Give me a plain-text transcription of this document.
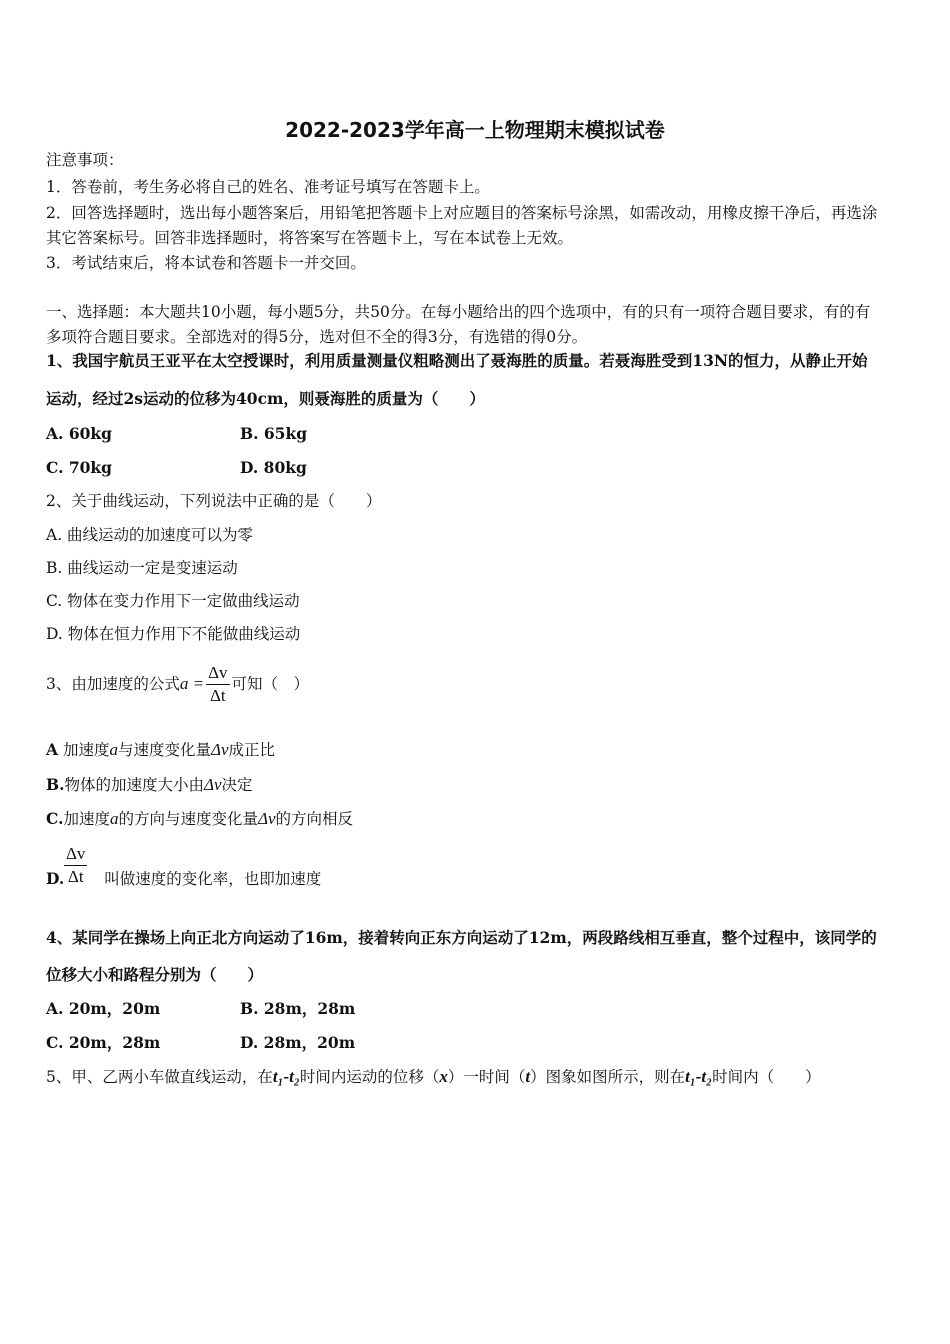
2022-2023学年高一上物理期末模拟试卷
注意事项：
1．答卷前，考生务必将自己的姓名、准考证号填写在答题卡上。
2．回答选择题时，选出每小题答案后，用铅笔把答题卡上对应题目的答案标号涂黑，如需改动，用橡皮擦干净后，再选涂
其它答案标号。回答非选择题时，将答案写在答题卡上，写在本试卷上无效。
3．考试结束后，将本试卷和答题卡一并交回。
一、选择题：本大题共10小题，每小题5分，共50分。在每小题给出的四个选项中，有的只有一项符合题目要求，有的有
多项符合题目要求。全部选对的得5分，选对但不全的得3分，有选错的得0分。
1、我国宇航员王亚平在太空授课时，利用质量测量仪粗略测出了聂海胜的质量。若聂海胜受到13N的恒力，从静止开始
运动，经过2s运动的位移为40cm，则聂海胜的质量为（　　）
A. 60kg	B. 65kg
C. 70kg	D. 80kg
2、关于曲线运动，下列说法中正确的是（　　）
A. 曲线运动的加速度可以为零
B. 曲线运动一定是变速运动
C. 物体在变力作用下一定做曲线运动
D. 物体在恒力作用下不能做曲线运动
3、由加速度的公式$a = \frac{\Delta v}{\Delta t}$ 可知（　）
A 加速度a与速度变化量Δv成正比
B.物体的加速度大小由Δv决定
C.加速度a的方向与速度变化量Δv的方向相反
$\frac{\Delta v}{\Delta t}$
D.	叫做速度的变化率，也即加速度
4、某同学在操场上向正北方向运动了16m，接着转向正东方向运动了12m，两段路线相互垂直，整个过程中，该同学的
位移大小和路程分别为（　　）
A. 20m，20m	B. 28m，28m
C. 20m，28m	D. 28m，20m
5、甲、乙两小车做直线运动，在t₁-t₂时间内运动的位移（x）一时间（t）图象如图所示，则在t₁-t₂时间内（　　）
